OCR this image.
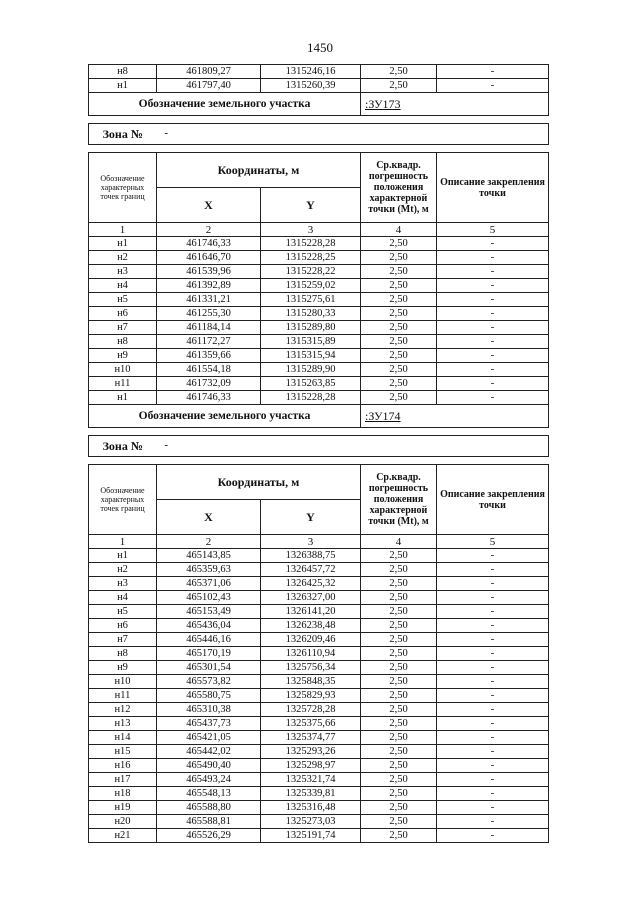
1450
н8	461809,27	1315246,16	2,50	-
н1	461797,40	1315260,39	2,50	-
Обозначение земельного участка			:ЗУ173	

Зона №	-			

Обозначение характерных точек границ	Координаты, м		Ср.квадр. погрешность положения характерной точки (Mt), м	Описание закрепления точки
	X	Y		
1	2	3	4	5
н1	461746,33	1315228,28	2,50	-
н2	461646,70	1315228,25	2,50	-
н3	461539,96	1315228,22	2,50	-
н4	461392,89	1315259,02	2,50	-
н5	461331,21	1315275,61	2,50	-
н6	461255,30	1315280,33	2,50	-
н7	461184,14	1315289,80	2,50	-
н8	461172,27	1315315,89	2,50	-
н9	461359,66	1315315,94	2,50	-
н10	461554,18	1315289,90	2,50	-
н11	461732,09	1315263,85	2,50	-
н1	461746,33	1315228,28	2,50	-
Обозначение земельного участка			:ЗУ174	

Зона №	-			

Обозначение характерных точек границ	Координаты, м		Ср.квадр. погрешность положения характерной точки (Mt), м	Описание закрепления точки
	X	Y		
1	2	3	4	5
н1	465143,85	1326388,75	2,50	-
н2	465359,63	1326457,72	2,50	-
н3	465371,06	1326425,32	2,50	-
н4	465102,43	1326327,00	2,50	-
н5	465153,49	1326141,20	2,50	-
н6	465436,04	1326238,48	2,50	-
н7	465446,16	1326209,46	2,50	-
н8	465170,19	1326110,94	2,50	-
н9	465301,54	1325756,34	2,50	-
н10	465573,82	1325848,35	2,50	-
н11	465580,75	1325829,93	2,50	-
н12	465310,38	1325728,28	2,50	-
н13	465437,73	1325375,66	2,50	-
н14	465421,05	1325374,77	2,50	-
н15	465442,02	1325293,26	2,50	-
н16	465490,40	1325298,97	2,50	-
н17	465493,24	1325321,74	2,50	-
н18	465548,13	1325339,81	2,50	-
н19	465588,80	1325316,48	2,50	-
н20	465588,81	1325273,03	2,50	-
н21	465526,29	1325191,74	2,50	-
